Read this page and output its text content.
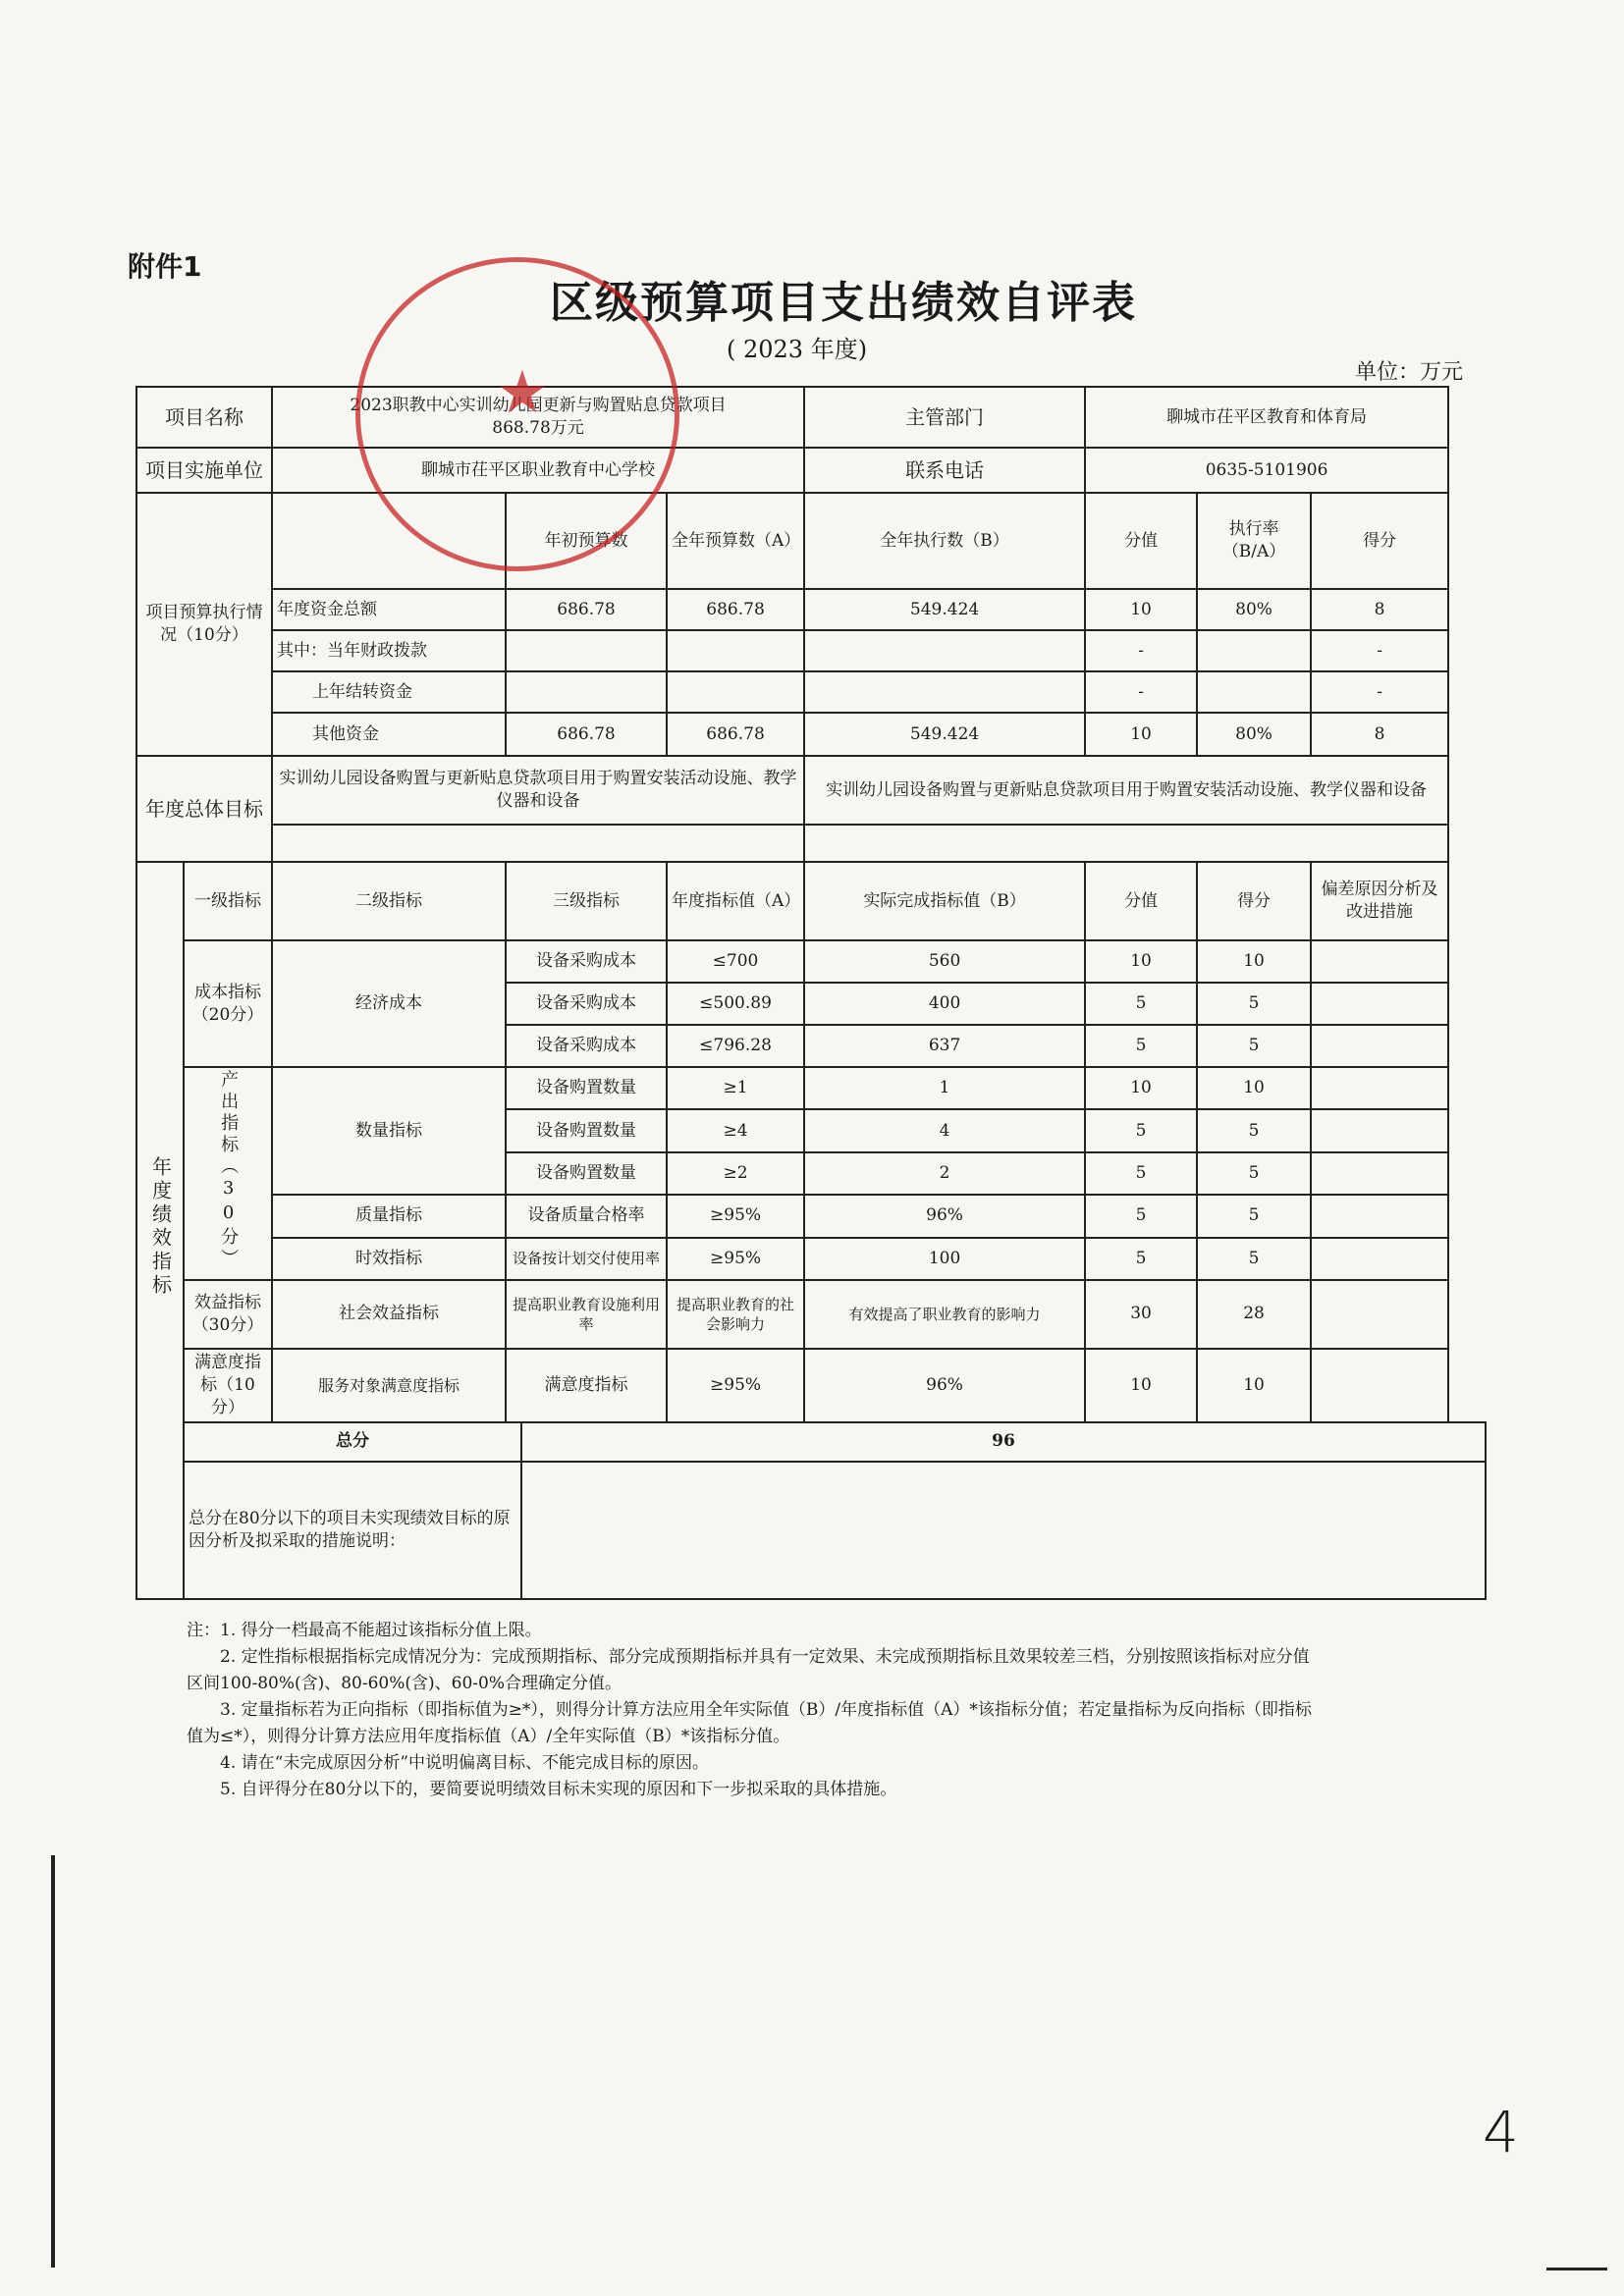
附件1
区级预算项目支出绩效自评表
( 2023 年度)
单位：万元
项目名称		2023职教中心实训幼儿园更新与购置贴息贷款项目
868.78万元				主管部门	聊城市茌平区教育和体育局		
项目实施单位		聊城市茌平区职业教育中心学校				联系电话	0635-5101906		
项目预算执行情况（10分）			年初预算数		全年预算数（A）	全年执行数（B）	分值	执行率（B/A）	得分
		年度资金总额	686.78		686.78	549.424	10	80%	8
		其中：当年财政拨款					-		-
		上年结转资金					-		-
		其他资金	686.78		686.78	549.424	10	80%	8
年度总体目标		实训幼儿园设备购置与更新贴息贷款项目用于购置安装活动设施、教学仪器和设备				实训幼儿园设备购置与更新贴息贷款项目用于购置安装活动设施、教学仪器和设备			

年度绩效指标	一级指标	二级指标	三级指标		年度指标值（A）	实际完成指标值（B）	分值	得分	偏差原因分析及改进措施
	成本指标（20分）	经济成本	设备采购成本		≤700	560	10	10	
			设备采购成本		≤500.89	400	5	5	
			设备采购成本		≤796.28	637	5	5	
	产出指标（30分）	数量指标	设备购置数量		≥1	1	10	10	
			设备购置数量		≥4	4	5	5	
			设备购置数量		≥2	2	5	5	
		质量指标	设备质量合格率		≥95%	96%	5	5	
		时效指标	设备按计划交付使用率		≥95%	100	5	5	
	效益指标（30分）	社会效益指标	提高职业教育设施利用率		提高职业教育的社会影响力	有效提高了职业教育的影响力	30	28	
	满意度指标（10分）	服务对象满意度指标	满意度指标		≥95%	96%	10	10	
	总分			96					
	总分在80分以下的项目未实现绩效目标的原因分析及拟采取的措施说明：								
注：1. 得分一档最高不能超过该指标分值上限。
　　2. 定性指标根据指标完成情况分为：完成预期指标、部分完成预期指标并具有一定效果、未完成预期指标且效果较差三档，分别按照该指标对应分值
区间100-80%(含)、80-60%(含)、60-0%合理确定分值。
　　3. 定量指标若为正向指标（即指标值为≥*），则得分计算方法应用全年实际值（B）/年度指标值（A）*该指标分值；若定量指标为反向指标（即指标
值为≤*），则得分计算方法应用年度指标值（A）/全年实际值（B）*该指标分值。
　　4. 请在“未完成原因分析”中说明偏离目标、不能完成目标的原因。
　　5. 自评得分在80分以下的，要简要说明绩效目标未实现的原因和下一步拟采取的具体措施。
★
4
